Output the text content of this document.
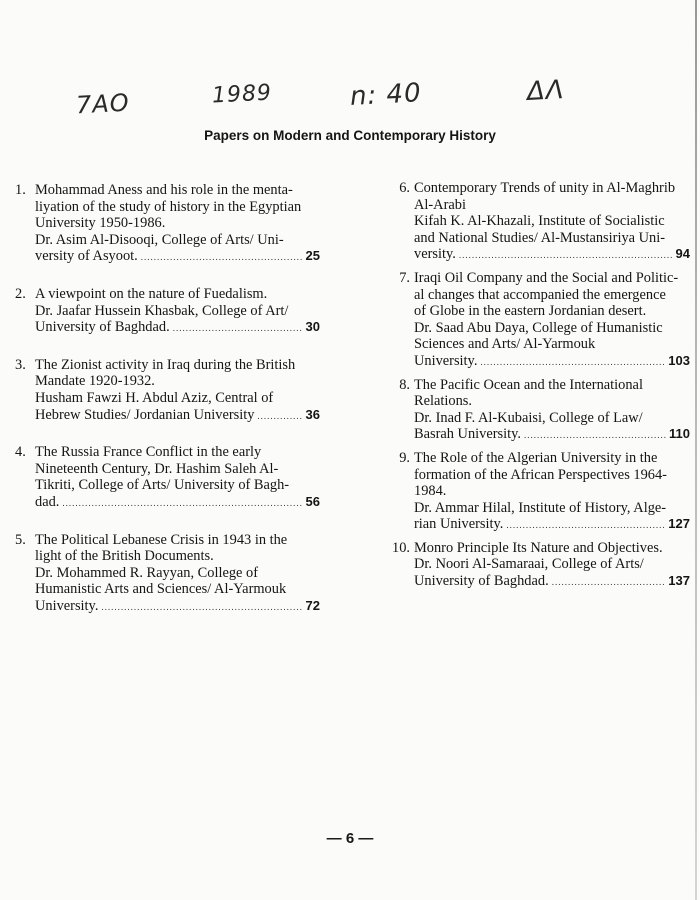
7AO	1989	n: 40	ΔΛ
Papers on Modern and Contemporary History
1. Mohammad Aness and his role in the menta-
liyation of the study of history in the Egyptian
University 1950-1986.
Dr. Asim Al-Disooqi, College of Arts/ Uni-
versity of Asyoot. .....	25
2. A viewpoint on the nature of Fuedalism.
Dr. Jaafar Hussein Khasbak, College of Art/
University of Baghdad. .....	30
3. The Zionist activity in Iraq during the British
Mandate 1920-1932.
Husham Fawzi H. Abdul Aziz, Central of
Hebrew Studies/ Jordanian University .....	36
4. The Russia France Conflict in the early
Nineteenth Century, Dr. Hashim Saleh Al-
Tikriti, College of Arts/ University of Bagh-
dad. .....	56
5. The Political Lebanese Crisis in 1943 in the
light of the British Documents.
Dr. Mohammed R. Rayyan, College of
Humanistic Arts and Sciences/ Al-Yarmouk
University. .....	72
6. Contemporary Trends of unity in Al-Maghrib
Al-Arabi
Kifah K. Al-Khazali, Institute of Socialistic
and National Studies/ Al-Mustansiriya Uni-
versity. .....	94
7. Iraqi Oil Company and the Social and Politic-
al changes that accompanied the emergence
of Globe in the eastern Jordanian desert.
Dr. Saad Abu Daya, College of Humanistic
Sciences and Arts/ Al-Yarmouk
University. .....	103
8. The Pacific Ocean and the International
Relations.
Dr. Inad F. Al-Kubaisi, College of Law/
Basrah University. .....	110
9. The Role of the Algerian University in the
formation of the African Perspectives 1964-
1984.
Dr. Ammar Hilal, Institute of History, Alge-
rian University. .....	127
10. Monro Principle Its Nature and Objectives.
Dr. Noori Al-Samaraai, College of Arts/
University of Baghdad. .....	137
— 6 —
